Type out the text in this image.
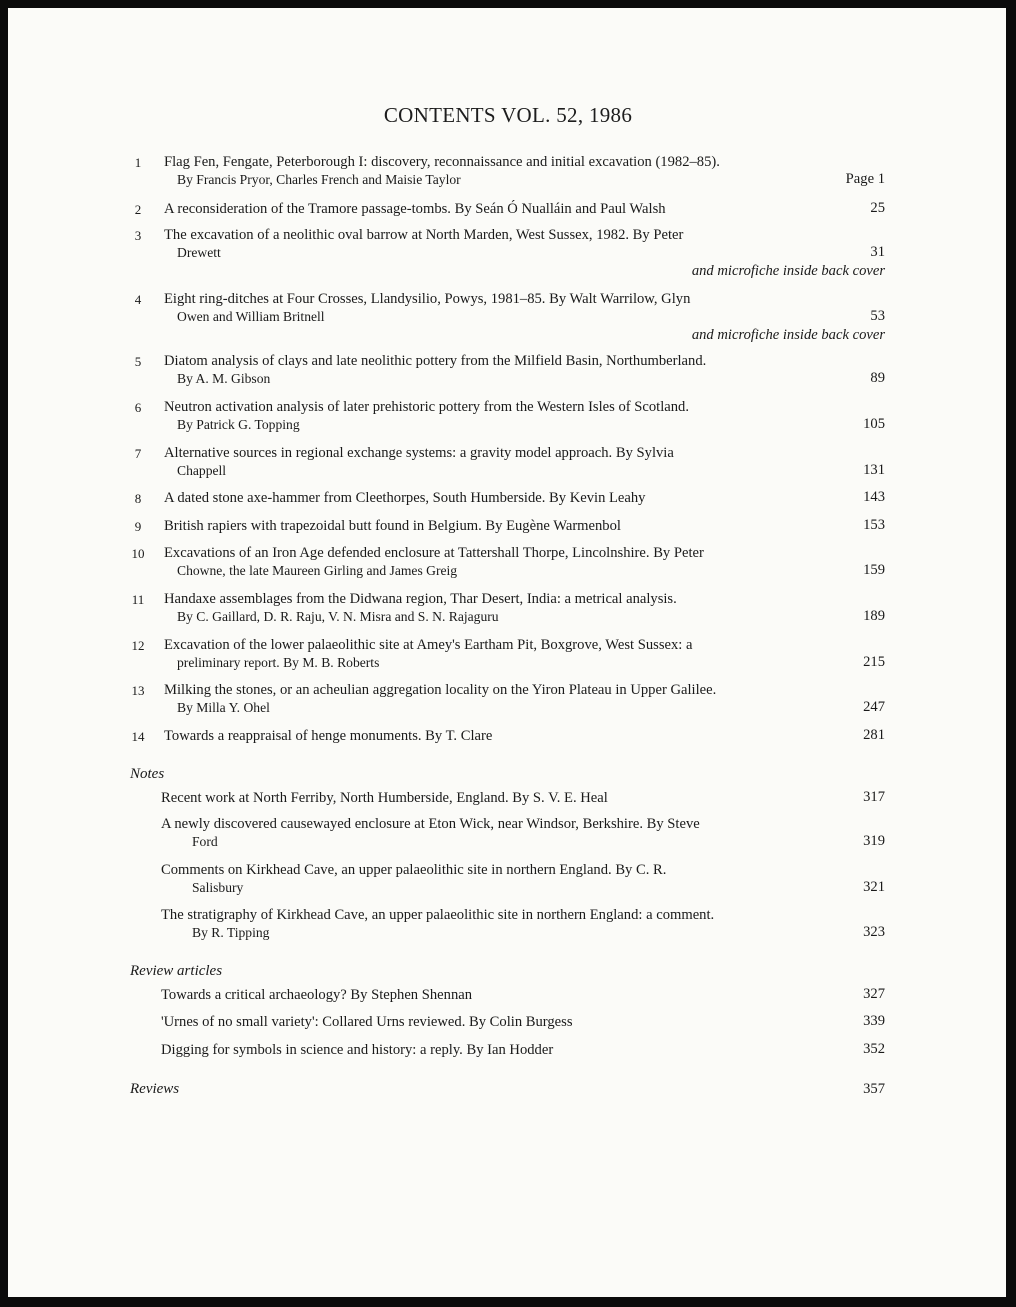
CONTENTS VOL. 52, 1986
1	Flag Fen, Fengate, Peterborough I: discovery, reconnaissance and initial excavation (1982–85).
By Francis Pryor, Charles French and Maisie Taylor	Page 1
2	A reconsideration of the Tramore passage-tombs. By Seán Ó Nualláin and Paul Walsh	25
3	The excavation of a neolithic oval barrow at North Marden, West Sussex, 1982. By Peter
Drewett	31
and microfiche inside back cover
4	Eight ring-ditches at Four Crosses, Llandysilio, Powys, 1981–85. By Walt Warrilow, Glyn
Owen and William Britnell	53
and microfiche inside back cover
5	Diatom analysis of clays and late neolithic pottery from the Milfield Basin, Northumberland.
By A. M. Gibson	89
6	Neutron activation analysis of later prehistoric pottery from the Western Isles of Scotland.
By Patrick G. Topping	105
7	Alternative sources in regional exchange systems: a gravity model approach. By Sylvia
Chappell	131
8	A dated stone axe-hammer from Cleethorpes, South Humberside. By Kevin Leahy	143
9	British rapiers with trapezoidal butt found in Belgium. By Eugène Warmenbol	153
10	Excavations of an Iron Age defended enclosure at Tattershall Thorpe, Lincolnshire. By Peter
Chowne, the late Maureen Girling and James Greig	159
11	Handaxe assemblages from the Didwana region, Thar Desert, India: a metrical analysis.
By C. Gaillard, D. R. Raju, V. N. Misra and S. N. Rajaguru	189
12	Excavation of the lower palaeolithic site at Amey's Eartham Pit, Boxgrove, West Sussex: a
preliminary report. By M. B. Roberts	215
13	Milking the stones, or an acheulian aggregation locality on the Yiron Plateau in Upper Galilee.
By Milla Y. Ohel	247
14	Towards a reappraisal of henge monuments. By T. Clare	281
Notes
Recent work at North Ferriby, North Humberside, England. By S. V. E. Heal	317
A newly discovered causewayed enclosure at Eton Wick, near Windsor, Berkshire. By Steve
Ford	319
Comments on Kirkhead Cave, an upper palaeolithic site in northern England. By C. R.
Salisbury	321
The stratigraphy of Kirkhead Cave, an upper palaeolithic site in northern England: a comment.
By R. Tipping	323
Review articles
Towards a critical archaeology? By Stephen Shennan	327
'Urnes of no small variety': Collared Urns reviewed. By Colin Burgess	339
Digging for symbols in science and history: a reply. By Ian Hodder	352
Reviews	357
